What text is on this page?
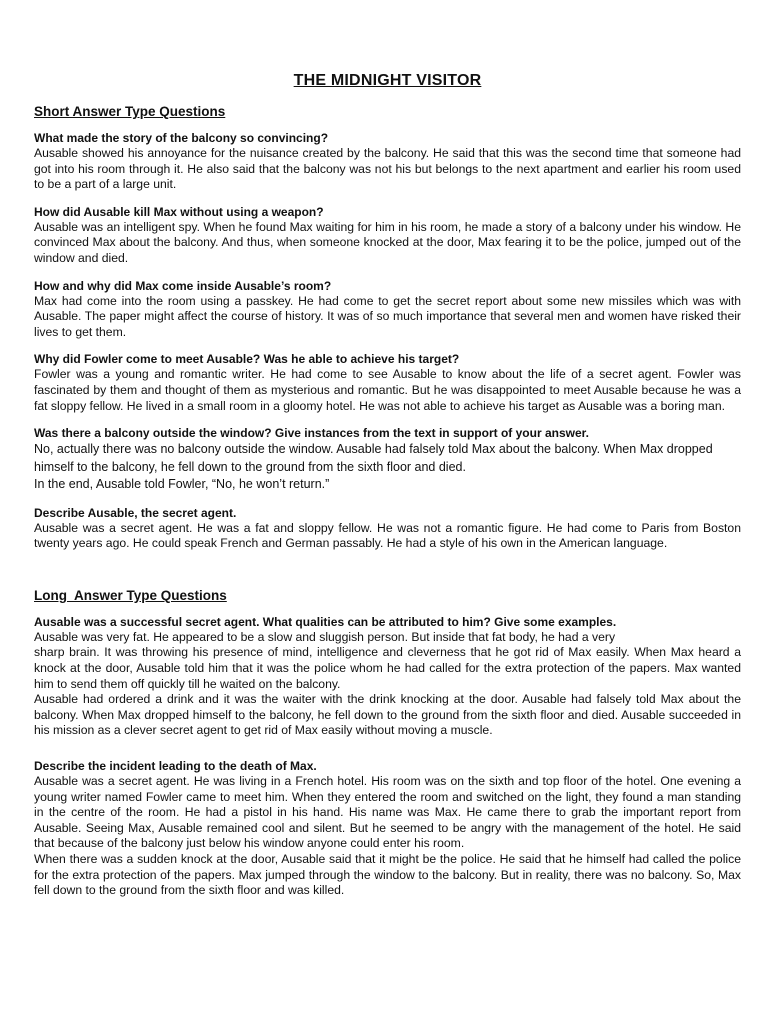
THE MIDNIGHT VISITOR
Short Answer Type Questions

What made the story of the balcony so convincing?

Ausable showed his annoyance for the nuisance created by the balcony. He said that this was the second time that someone had got into his room through it. He also said that the balcony was not his but belongs to the next apartment and earlier his room used to be a part of a large unit.

How did Ausable kill Max without using a weapon?

Ausable was an intelligent spy. When he found Max waiting for him in his room, he made a story of a balcony under his window. He convinced Max about the balcony. And thus, when someone knocked at the door, Max fearing it to be the police, jumped out of the window and died.

How and why did Max come inside Ausable’s room?

Max had come into the room using a passkey. He had come to get the secret report about some new missiles which was with Ausable. The paper might affect the course of history. It was of so much importance that several men and women have risked their lives to get them.

Why did Fowler come to meet Ausable? Was he able to achieve his target?

Fowler was a young and romantic writer. He had come to see Ausable to know about the life of a secret agent. Fowler was fascinated by them and thought of them as mysterious and romantic. But he was disappointed to meet Ausable because he was a fat sloppy fellow. He lived in a small room in a gloomy hotel. He was not able to achieve his target as Ausable was a boring man.

Was there a balcony outside the window? Give instances from the text in support of your answer.

No, actually there was no balcony outside the window. Ausable had falsely told Max about the balcony. When Max dropped himself to the balcony, he fell down to the ground from the sixth floor and died.

In the end, Ausable told Fowler, “No, he won’t return.”

Describe Ausable, the secret agent.

Ausable was a secret agent. He was a fat and sloppy fellow. He was not a romantic figure. He had come to Paris from Boston twenty years ago. He could speak French and German passably. He had a style of his own in the American language.

Long  Answer Type Questions

Ausable was a successful secret agent. What qualities can be attributed to him? Give some examples.

Ausable was very fat. He appeared to be a slow and sluggish person. But inside that fat body, he had a very

sharp brain. It was throwing his presence of mind, intelligence and cleverness that he got rid of Max easily. When Max heard a knock at the door, Ausable told him that it was the police whom he had called for the extra protection of the papers. Max wanted him to send them off quickly till he waited on the balcony.

Ausable had ordered a drink and it was the waiter with the drink knocking at the door. Ausable had falsely told Max about the balcony. When Max dropped himself to the balcony, he fell down to the ground from the sixth floor and died. Ausable succeeded in his mission as a clever secret agent to get rid of Max easily without moving a muscle.

Describe the incident leading to the death of Max.

Ausable was a secret agent. He was living in a French hotel. His room was on the sixth and top floor of the hotel. One evening a young writer named Fowler came to meet him. When they entered the room and switched on the light, they found a man standing in the centre of the room. He had a pistol in his hand. His name was Max. He came there to grab the important report from Ausable. Seeing Max, Ausable remained cool and silent. But he seemed to be angry with the management of the hotel. He said that because of the balcony just below his window anyone could enter his room.

When there was a sudden knock at the door, Ausable said that it might be the police. He said that he himself had called the police for the extra protection of the papers. Max jumped through the window to the balcony. But in reality, there was no balcony. So, Max fell down to the ground from the sixth floor and was killed.
